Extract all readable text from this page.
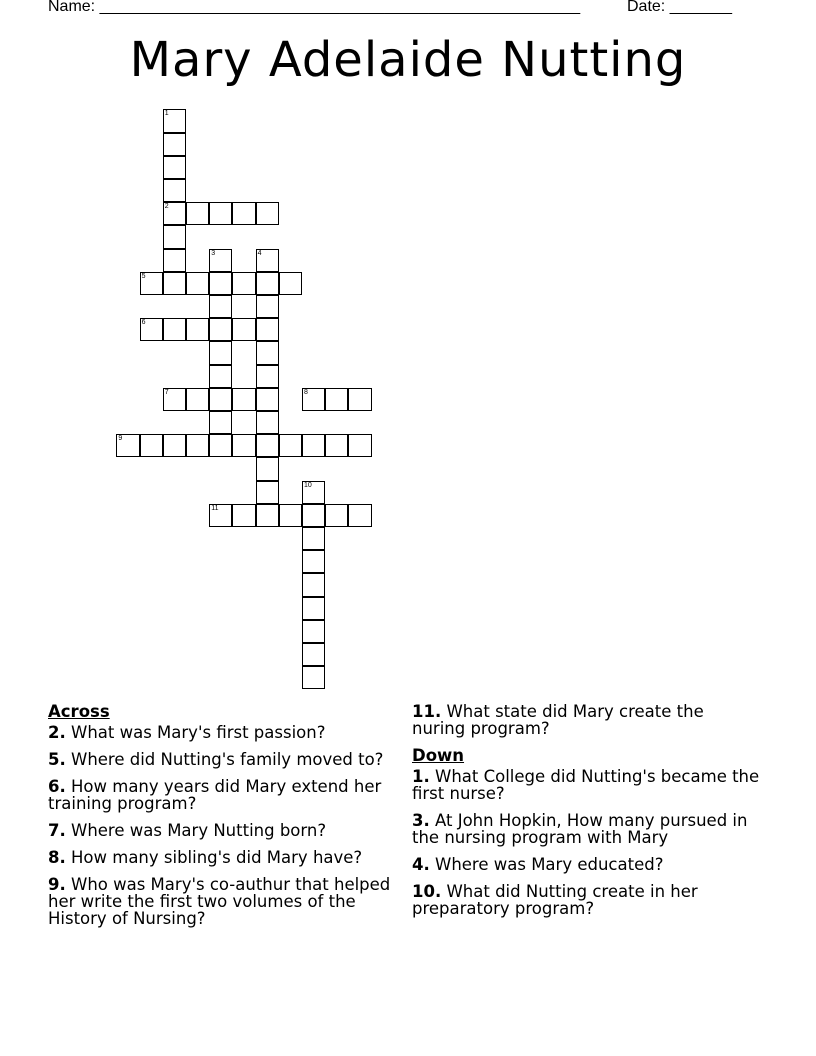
Name: ______________________________________________________	Date: _______
Mary Adelaide Nutting
1
2
3	4
5
6
7	8
9
10
11
Across
2. What was Mary's first passion?
5. Where did Nutting's family moved to?
6. How many years did Mary extend her training program?
7. Where was Mary Nutting born?
8. How many sibling's did Mary have?
9. Who was Mary's co-authur that helped her write the first two volumes of the History of Nursing?
11. What state did Mary create the nuring program?
Down
1. What College did Nutting's became the first nurse?
3. At John Hopkin, How many pursued in the nursing program with Mary
4. Where was Mary educated?
10. What did Nutting create in her preparatory program?
